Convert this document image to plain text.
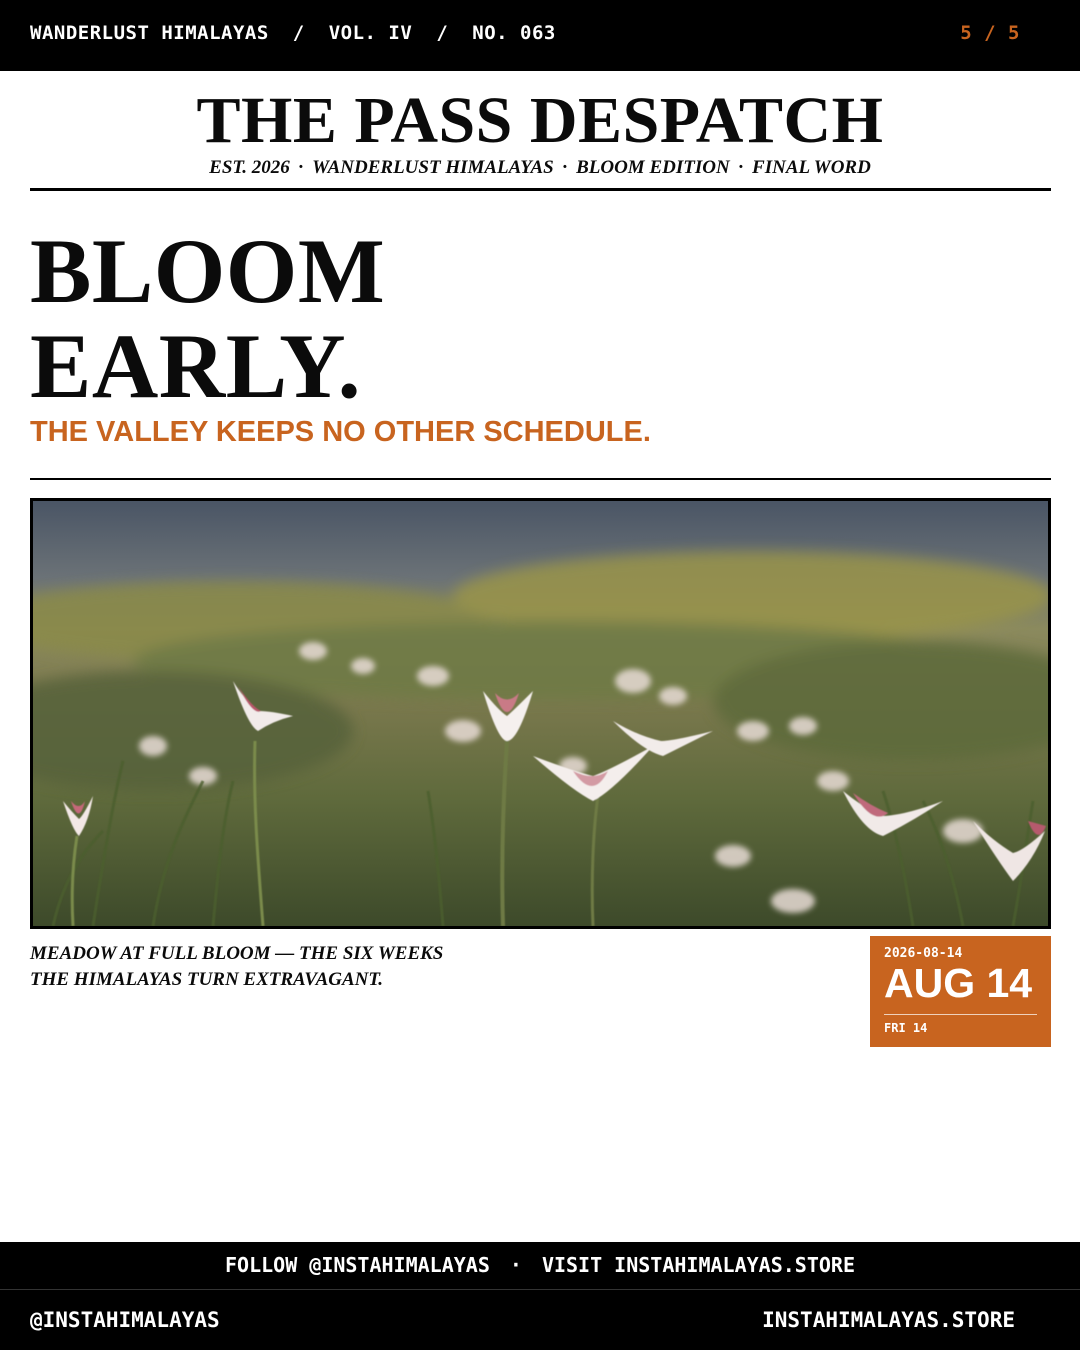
WANDERLUST HIMALAYAS / VOL. IV / NO. 063	5 / 5
THE PASS DESPATCH
EST. 2026 · WANDERLUST HIMALAYAS · BLOOM EDITION · FINAL WORD
BLOOM
EARLY.
THE VALLEY KEEPS NO OTHER SCHEDULE.
MEADOW AT FULL BLOOM — THE SIX WEEKS
THE HIMALAYAS TURN EXTRAVAGANT.
2026-08-14
AUG 14
FRI 14
FOLLOW @INSTAHIMALAYAS · VISIT INSTAHIMALAYAS.STORE
@INSTAHIMALAYAS	INSTAHIMALAYAS.STORE
